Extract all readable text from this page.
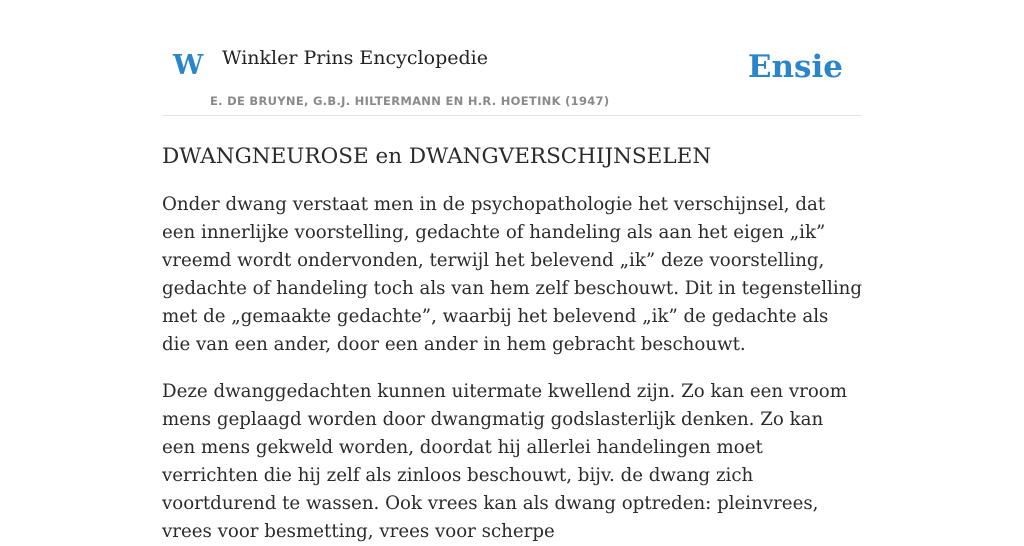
W Winkler Prins Encyclopedie
E. DE BRUYNE, G.B.J. HILTERMANN EN H.R. HOETINK (1947)
Ensie
DWANGNEUROSE en DWANGVERSCHIJNSELEN

Onder dwang verstaat men in de psychopathologie het verschijnsel, dat een innerlijke voorstelling, gedachte of handeling als aan het eigen „ik” vreemd wordt ondervonden, terwijl het belevend „ik” deze voorstelling, gedachte of handeling toch als van hem zelf beschouwt. Dit in tegenstelling met de „gemaakte gedachte”, waarbij het belevend „ik” de gedachte als die van een ander, door een ander in hem gebracht beschouwt.

Deze dwanggedachten kunnen uitermate kwellend zijn. Zo kan een vroom mens geplaagd worden door dwangmatig godslasterlijk denken. Zo kan een mens gekweld worden, doordat hij allerlei handelingen moet verrichten die hij zelf als zinloos beschouwt, bijv. de dwang zich voortdurend te wassen. Ook vrees kan als dwang optreden: pleinvrees, vrees voor besmetting, vrees voor scherpe
